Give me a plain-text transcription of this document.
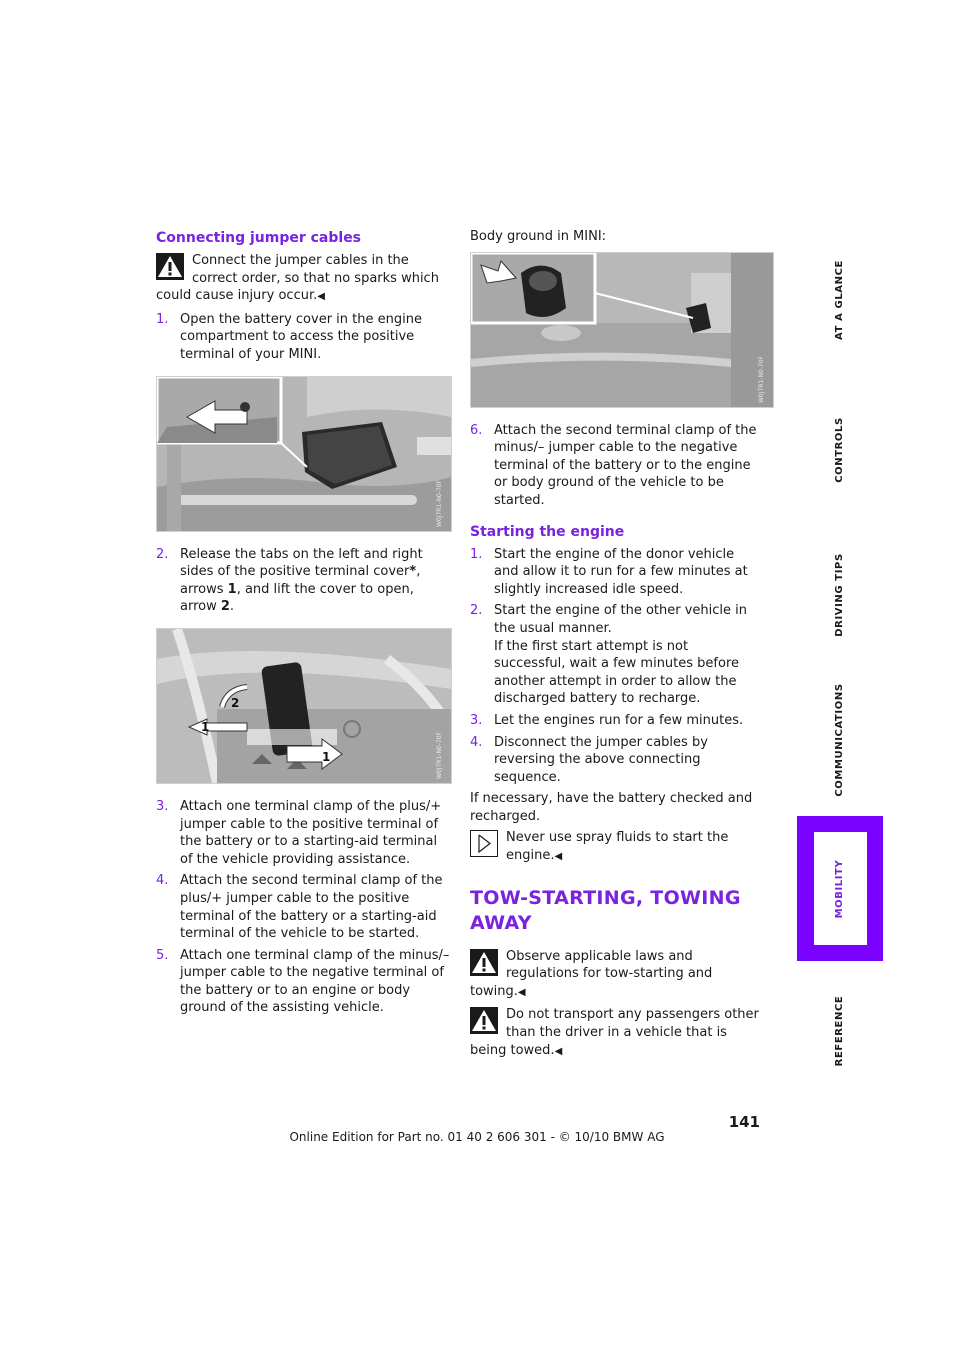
Connecting jumper cables
Connect the jumper cables in the correct order, so that no sparks which could cause injury occur.◀
1. Open the battery cover in the engine compartment to access the positive terminal of your MINI.
W0J7R1-N0-70F
2. Release the tabs on the left and right sides of the positive terminal cover*, arrows 1, and lift the cover to open, arrow 2.
1
2
1	W0J7R1-N0-70F
3. Attach one terminal clamp of the plus/+ jumper cable to the positive terminal of the battery or to a starting-aid terminal of the vehicle providing assistance.
4. Attach the second terminal clamp of the plus/+ jumper cable to the positive terminal of the battery or a starting-aid terminal of the vehicle to be started.
5. Attach one terminal clamp of the minus/– jumper cable to the negative terminal of the battery or to an engine or body ground of the assisting vehicle.

Body ground in MINI:

W0J7R1-N0-70F
6. Attach the second terminal clamp of the minus/– jumper cable to the negative terminal of the battery or to the engine or body ground of the vehicle to be started.
Starting the engine
1. Start the engine of the donor vehicle and allow it to run for a few minutes at slightly increased idle speed.
2. Start the engine of the other vehicle in the usual manner.
If the first start attempt is not successful, wait a few minutes before another attempt in order to allow the discharged battery to recharge.
3. Let the engines run for a few minutes.
4. Disconnect the jumper cables by reversing the above connecting sequence.

If necessary, have the battery checked and recharged.

Never use spray fluids to start the engine.◀
TOW-STARTING, TOWING AWAY
Observe applicable laws and regulations for tow-starting and towing.◀
Do not transport any passengers other than the driver in a vehicle that is being towed.◀
AT A GLANCE
CONTROLS
DRIVING TIPS
COMMUNICATIONS
MOBILITY
REFERENCE
141
Online Edition for Part no. 01 40 2 606 301 - © 10/10 BMW AG
